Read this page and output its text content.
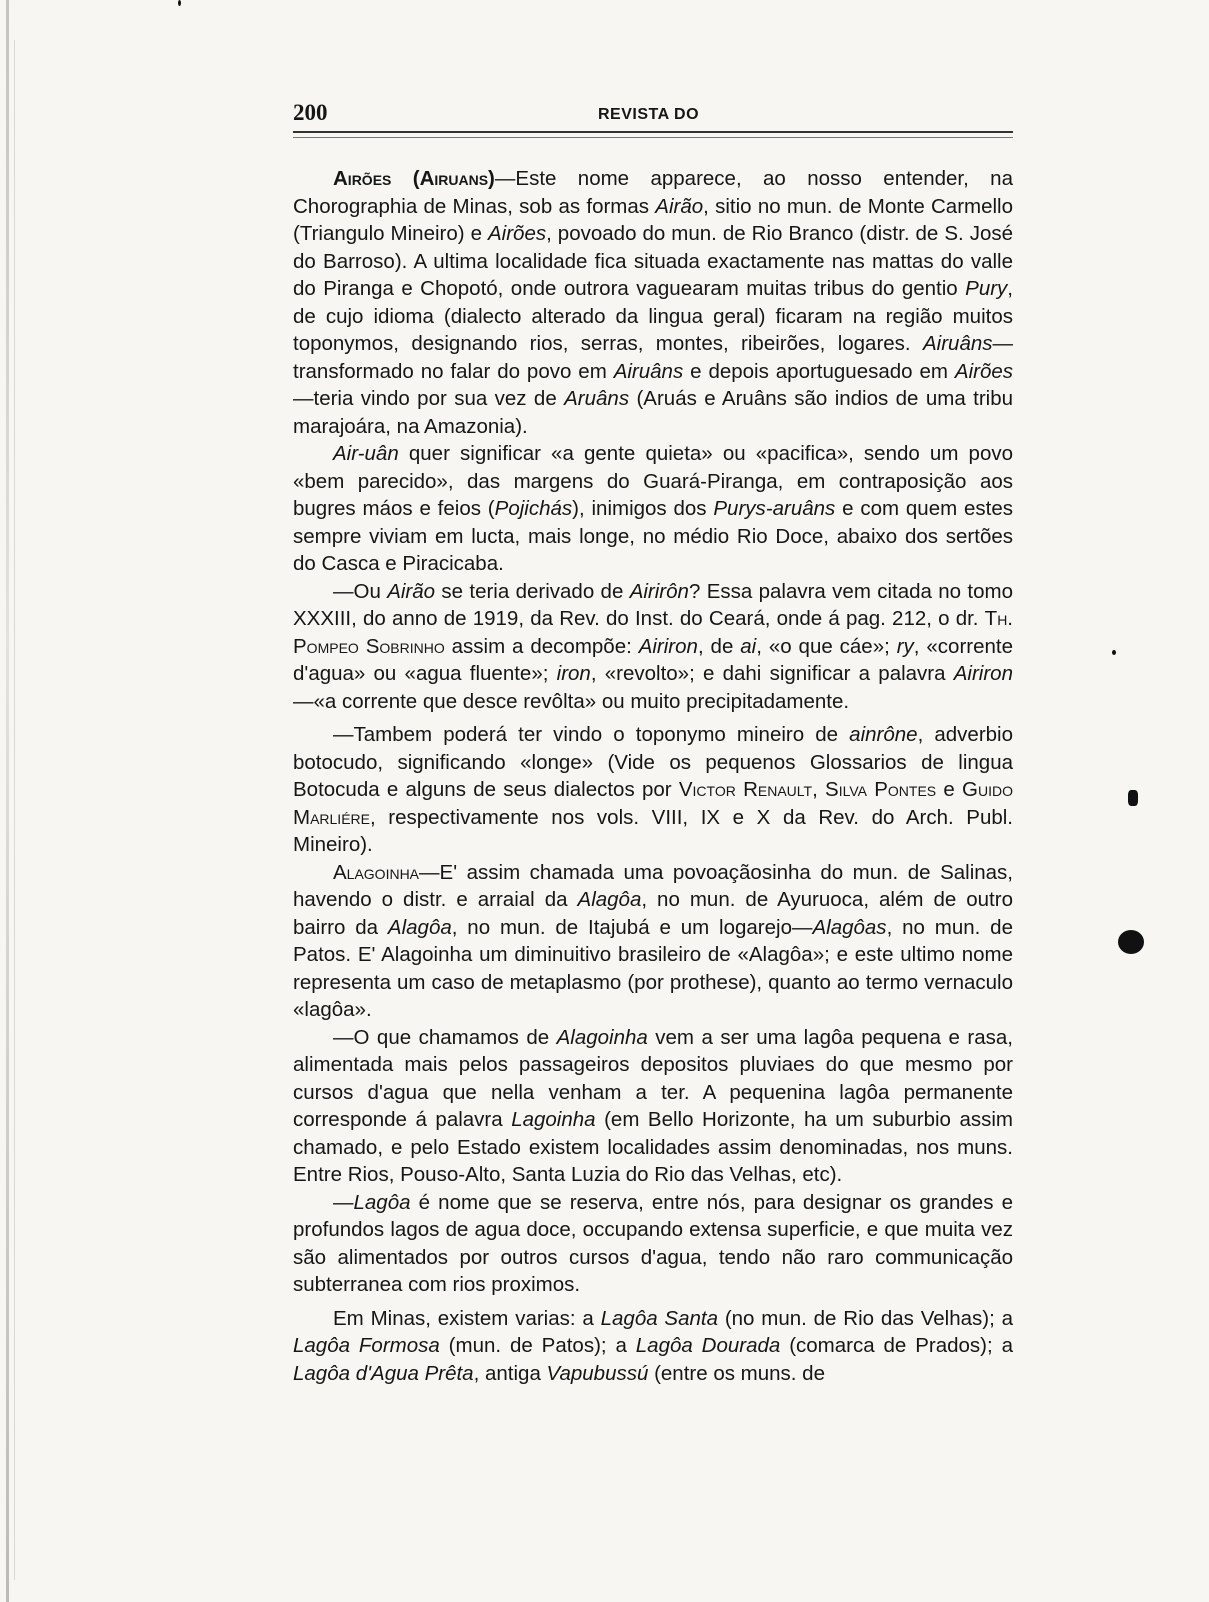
200	REVISTA DO

Airões (Airuans)—Este nome apparece, ao nosso entender, na Chorographia de Minas, sob as formas Airão, sitio no mun. de Monte Carmello (Triangulo Mineiro) e Airões, povoado do mun. de Rio Branco (distr. de S. José do Barroso). A ultima localidade fica situada exactamente nas mattas do valle do Piranga e Chopotó, onde outrora vaguearam muitas tribus do gentio Pury, de cujo idioma (dialecto alterado da lingua geral) ficaram na região muitos toponymos, designando rios, serras, montes, ribeirões, logares. Airuâns—transformado no falar do povo em Airuâns e depois aportuguesado em Airões—teria vindo por sua vez de Aruâns (Aruás e Aruâns são indios de uma tribu marajoára, na Amazonia).

Air-uân quer significar «a gente quieta» ou «pacifica», sendo um povo «bem parecido», das margens do Guará-Piranga, em contraposição aos bugres máos e feios (Pojichás), inimigos dos Purys-aruâns e com quem estes sempre viviam em lucta, mais longe, no médio Rio Doce, abaixo dos sertões do Casca e Piracicaba.

—Ou Airão se teria derivado de Airirôn? Essa palavra vem citada no tomo XXXIII, do anno de 1919, da Rev. do Inst. do Ceará, onde á pag. 212, o dr. Th. Pompeo Sobrinho assim a decompõe: Airiron, de ai, «o que cáe»; ry, «corrente d'agua» ou «agua fluente»; iron, «revolto»; e dahi significar a palavra Airiron—«a corrente que desce revôlta» ou muito precipitadamente.

—Tambem poderá ter vindo o toponymo mineiro de ainrône, adverbio botocudo, significando «longe» (Vide os pequenos Glossarios de lingua Botocuda e alguns de seus dialectos por Victor Renault, Silva Pontes e Guido Marliére, respectivamente nos vols. VIII, IX e X da Rev. do Arch. Publ. Mineiro).

Alagoinha—E' assim chamada uma povoaçãosinha do mun. de Salinas, havendo o distr. e arraial da Alagôa, no mun. de Ayuruoca, além de outro bairro da Alagôa, no mun. de Itajubá e um logarejo—Alagôas, no mun. de Patos. E' Alagoinha um diminuitivo brasileiro de «Alagôa»; e este ultimo nome representa um caso de metaplasmo (por prothese), quanto ao termo vernaculo «lagôa».

—O que chamamos de Alagoinha vem a ser uma lagôa pequena e rasa, alimentada mais pelos passageiros depositos pluviaes do que mesmo por cursos d'agua que nella venham a ter. A pequenina lagôa permanente corresponde á palavra Lagoinha (em Bello Horizonte, ha um suburbio assim chamado, e pelo Estado existem localidades assim denominadas, nos muns. Entre Rios, Pouso-Alto, Santa Luzia do Rio das Velhas, etc).

—Lagôa é nome que se reserva, entre nós, para designar os grandes e profundos lagos de agua doce, occupando extensa superficie, e que muita vez são alimentados por outros cursos d'agua, tendo não raro communicação subterranea com rios proximos.

Em Minas, existem varias: a Lagôa Santa (no mun. de Rio das Velhas); a Lagôa Formosa (mun. de Patos); a Lagôa Dourada (comarca de Prados); a Lagôa d'Agua Prêta, antiga Vapubussú (entre os muns. de
